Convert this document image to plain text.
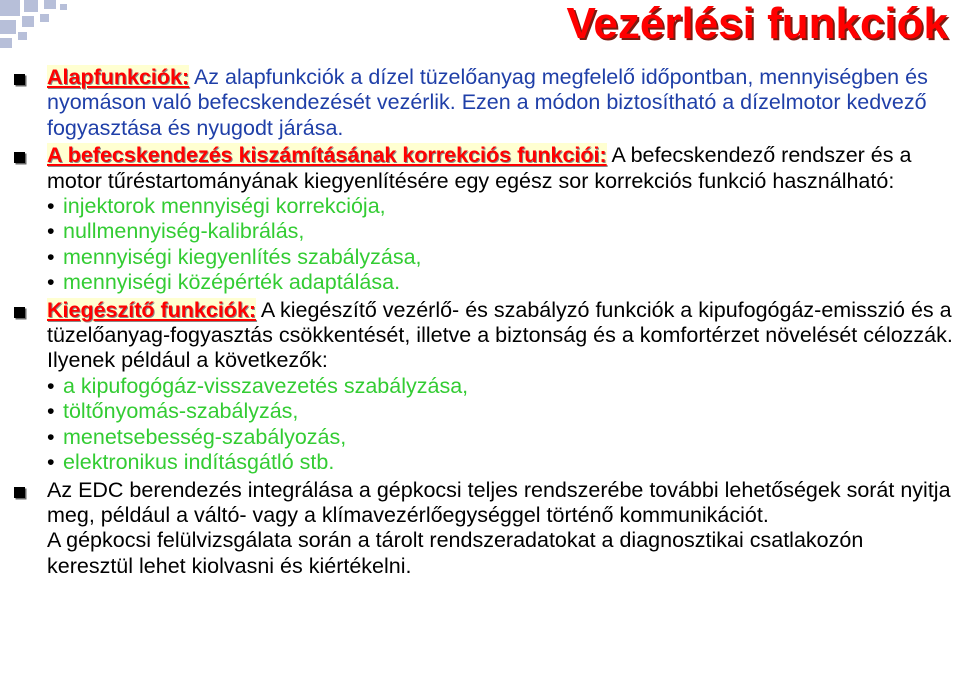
Vezérlési funkciók
Alapfunkciók: Az alapfunkciók a dízel tüzelőanyag megfelelő időpontban, mennyiségben és nyomáson való befecskendezését vezérlik. Ezen a módon biztosítható a dízelmotor kedvező fogyasztása és nyugodt járása.
A befecskendezés kiszámításának korrekciós funkciói: A befecskendező rendszer és a motor tűréstartományának kiegyenlítésére egy egész sor korrekciós funkció használható:
• injektorok mennyiségi korrekciója,
• nullmennyiség-kalibrálás,
• mennyiségi kiegyenlítés szabályzása,
• mennyiségi középérték adaptálása.
Kiegészítő funkciók: A kiegészítő vezérlő- és szabályzó funkciók a kipufogógáz-emisszió és a tüzelőanyag-fogyasztás csökkentését, illetve a biztonság és a komfortérzet növelését célozzák. Ilyenek például a következők:
• a kipufogógáz-visszavezetés szabályzása,
• töltőnyomás-szabályzás,
• menetsebesség-szabályozás,
• elektronikus indításgátló stb.
Az EDC berendezés integrálása a gépkocsi teljes rendszerébe további lehetőségek sorát nyitja meg, például a váltó- vagy a klímavezérlőegységgel történő kommunikációt.
A gépkocsi felülvizsgálata során a tárolt rendszeradatokat a diagnosztikai csatlakozón keresztül lehet kiolvasni és kiértékelni.
